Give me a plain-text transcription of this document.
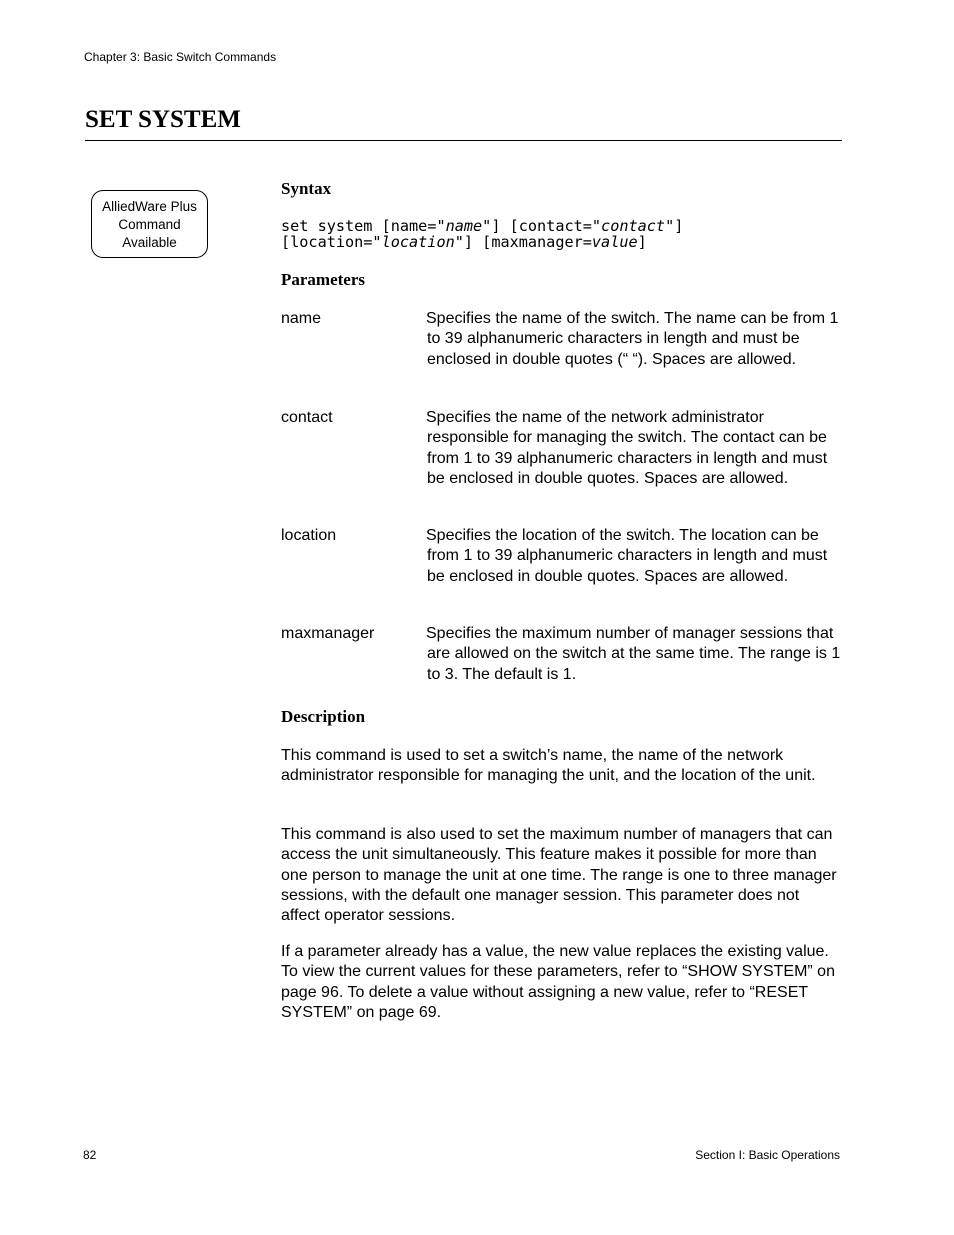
Chapter 3: Basic Switch Commands
SET SYSTEM
AlliedWare Plus
Command
Available
Syntax
set system [name="name"] [contact="contact"]
[location="location"] [maxmanager=value]
Parameters
name	Specifies the name of the switch. The name can be from 1 to 39 alphanumeric characters in length and must be enclosed in double quotes (“ “). Spaces are allowed.
contact	Specifies the name of the network administrator responsible for managing the switch. The contact can be from 1 to 39 alphanumeric characters in length and must be enclosed in double quotes. Spaces are allowed.
location	Specifies the location of the switch. The location can be from 1 to 39 alphanumeric characters in length and must be enclosed in double quotes. Spaces are allowed.
maxmanager	Specifies the maximum number of manager sessions that are allowed on the switch at the same time. The range is 1 to 3. The default is 1.
Description

This command is used to set a switch’s name, the name of the network administrator responsible for managing the unit, and the location of the unit.

This command is also used to set the maximum number of managers that can access the unit simultaneously. This feature makes it possible for more than one person to manage the unit at one time. The range is one to three manager sessions, with the default one manager session. This parameter does not affect operator sessions.

If a parameter already has a value, the new value replaces the existing value. To view the current values for these parameters, refer to “SHOW SYSTEM” on page 96. To delete a value without assigning a new value, refer to “RESET SYSTEM” on page 69.

82	Section I: Basic Operations
